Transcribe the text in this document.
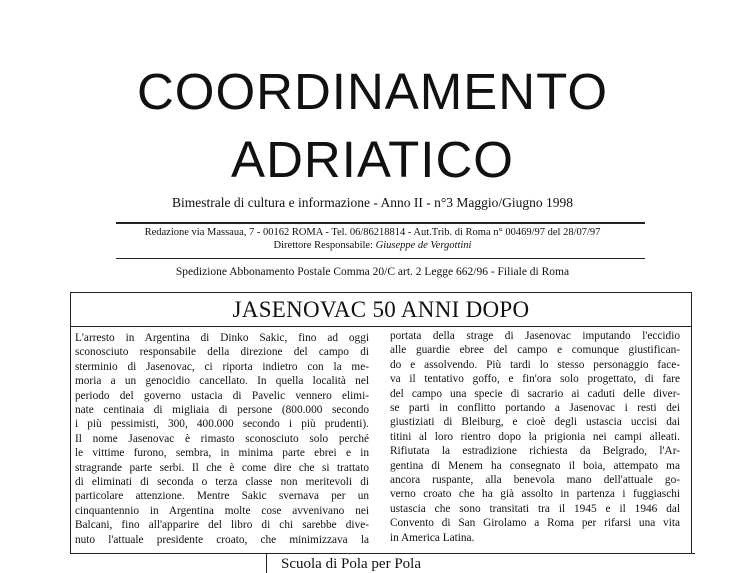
COORDINAMENTO
ADRIATICO
Bimestrale di cultura e informazione - Anno II - n°3 Maggio/Giugno 1998
Redazione via Massaua, 7 - 00162 ROMA - Tel. 06/86218814 - Aut.Trib. di Roma n° 00469/97 del 28/07/97
Direttore Responsabile: Giuseppe de Vergottini
Spedizione Abbonamento Postale Comma 20/C art. 2 Legge 662/96 - Filiale di Roma
JASENOVAC 50 ANNI DOPO
L'arresto in Argentina di Dinko Sakic, fino ad oggi
sconosciuto responsabile della direzione del campo di
sterminio di Jasenovac, ci riporta indietro con la me-
moria a un genocidio cancellato. In quella località nel
periodo del governo ustacia di Pavelic vennero elimi-
nate centinaia di migliaia di persone (800.000 secondo
i più pessimisti, 300, 400.000 secondo i più prudenti).
Il nome Jasenovac è rimasto sconosciuto solo perché
le vittime furono, sembra, in minima parte ebrei e in
stragrande parte serbi. Il che è come dire che si trattato
di eliminati di seconda o terza classe non meritevoli di
particolare attenzione. Mentre Sakic svernava per un
cinquantennio in Argentina molte cose avvenivano nei
Balcani, fino all'apparire del libro di chi sarebbe dive-
nuto l'attuale presidente croato, che minimizzava la
portata della strage di Jasenovac imputando l'eccidio
alle guardie ebree del campo e comunque giustifican-
do e assolvendo. Più tardi lo stesso personaggio face-
va il tentativo goffo, e fin'ora solo progettato, di fare
del campo una specie di sacrario ai caduti delle diver-
se parti in conflitto portando a Jasenovac i resti dei
giustiziati di Bleiburg, e cioè degli ustascia uccisi dai
titini al loro rientro dopo la prigionia nei campi alleati.
Rifiutata la estradizione richiesta da Belgrado, l'Ar-
gentina di Menem ha consegnato il boia, attempato ma
ancora ruspante, alla benevola mano dell'attuale go-
verno croato che ha già assolto in partenza i fuggiaschi
ustascia che sono transitati tra il 1945 e il 1946 dal
Convento di San Girolamo a Roma per rifarsi una vita
in America Latina.
Scuola di Pola per Pola
